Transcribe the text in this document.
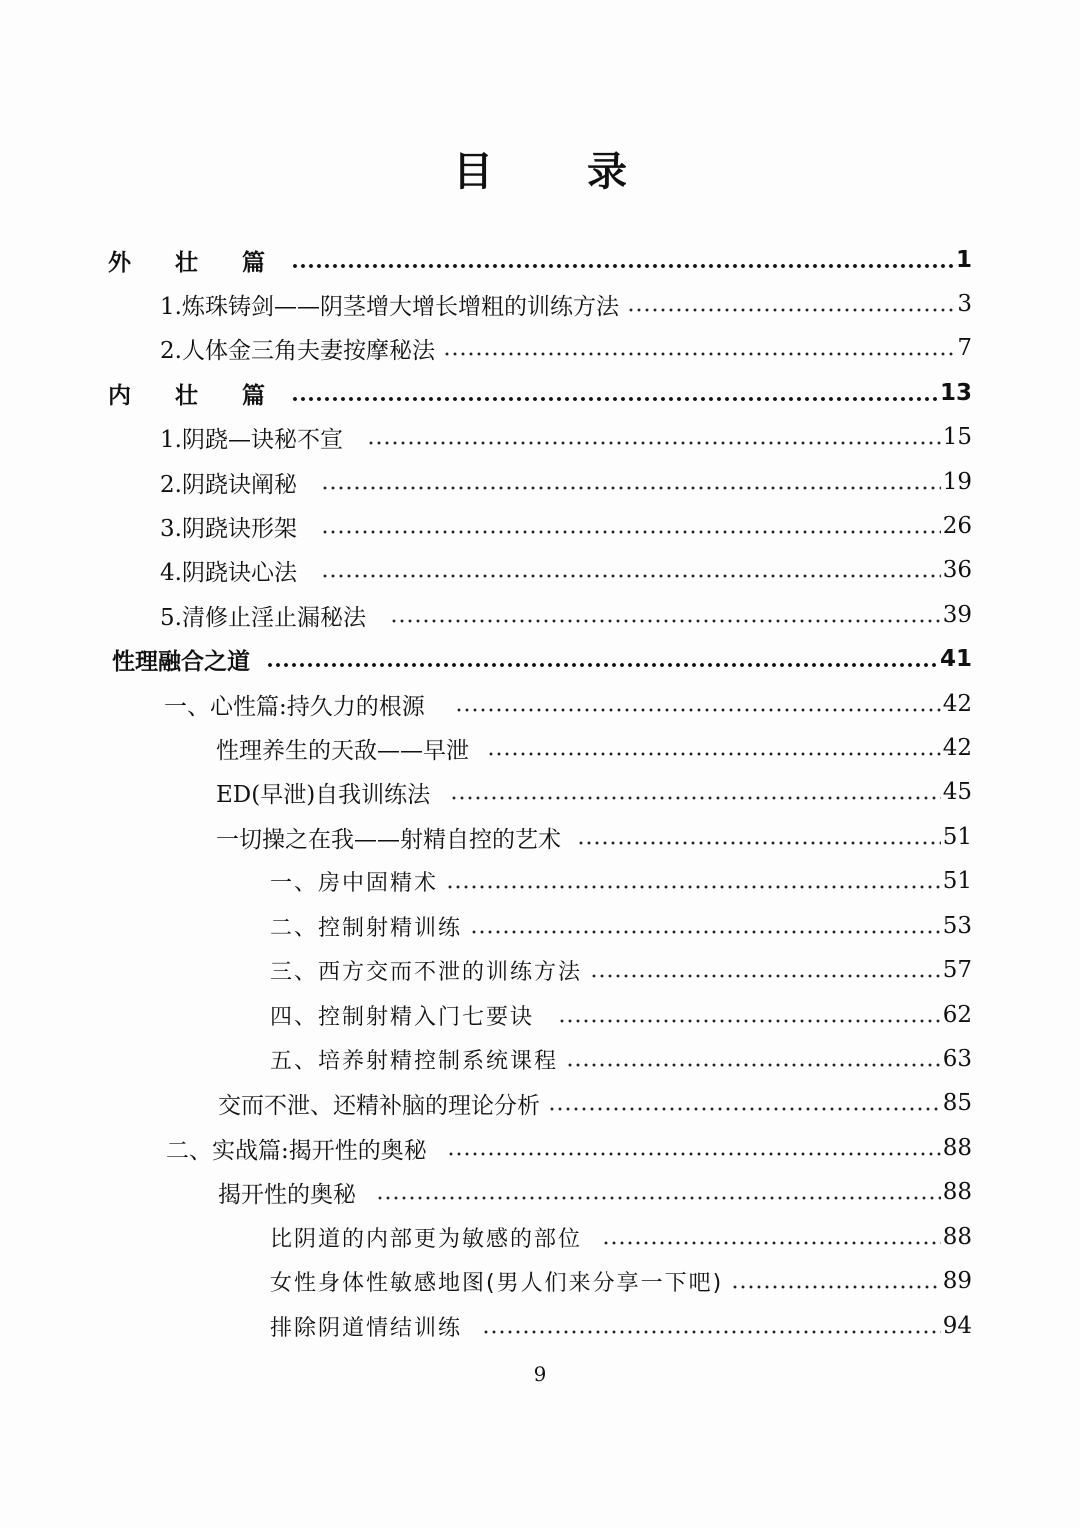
目 录
外 壮 篇	1
1.炼珠铸剑——阴茎增大增长增粗的训练方法	3
2.人体金三角夫妻按摩秘法	7
内 壮 篇	13
1.阴跷—诀秘不宣	15
2.阴跷诀阐秘	19
3.阴跷诀形架	26
4.阴跷诀心法	36
5.清修止淫止漏秘法	39
性理融合之道	41
一、心性篇:持久力的根源	42
性理养生的天敌——早泄	42
ED(早泄)自我训练法	45
一切操之在我——射精自控的艺术	51
一、房中固精术	51
二、控制射精训练	53
三、西方交而不泄的训练方法	57
四、控制射精入门七要诀	62
五、培养射精控制系统课程	63
交而不泄、还精补脑的理论分析	85
二、实战篇:揭开性的奥秘	88
揭开性的奥秘	88
比阴道的内部更为敏感的部位	88
女性身体性敏感地图(男人们来分享一下吧)	89
排除阴道情结训练	94
9
